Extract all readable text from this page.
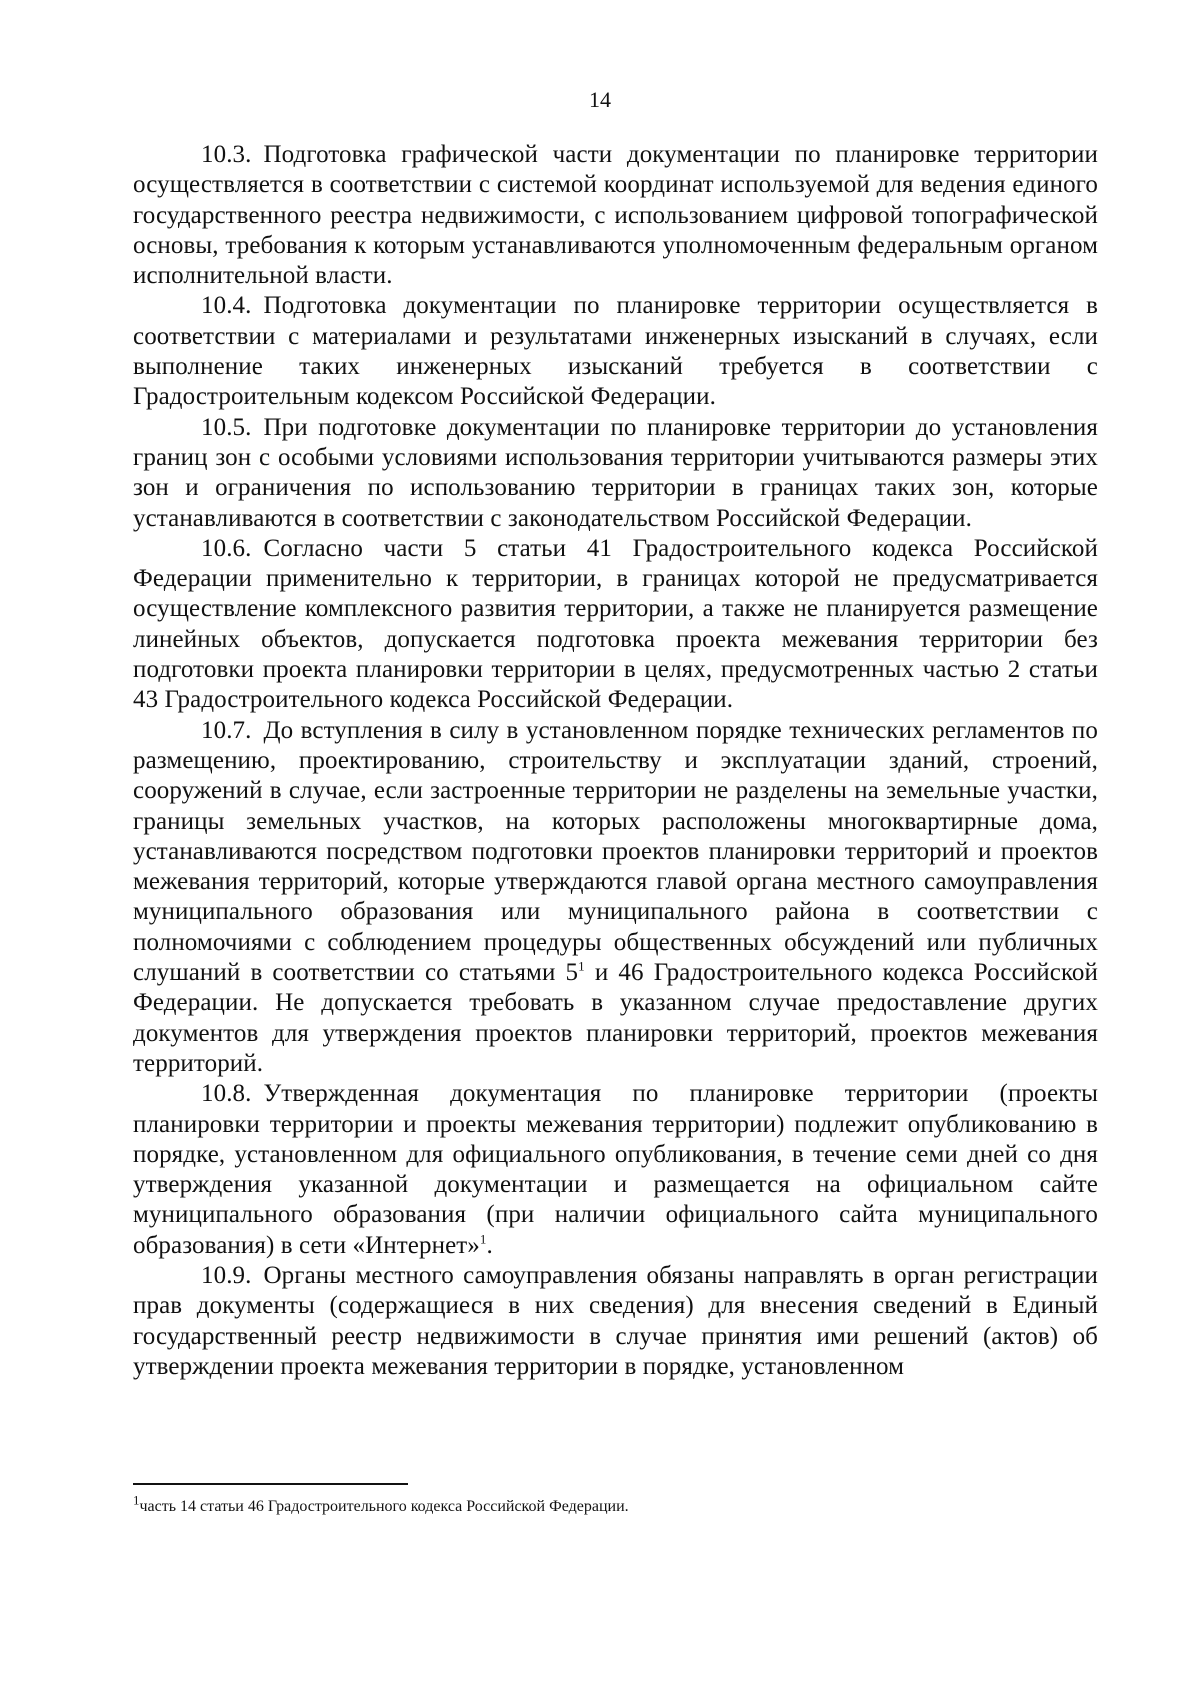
14

10.3. Подготовка графической части документации по планировке территории осуществляется в соответствии с системой координат используемой для ведения единого государственного реестра недвижимости, с использованием цифровой топографической основы, требования к которым устанавливаются уполномоченным федеральным органом исполнительной власти.

10.4. Подготовка документации по планировке территории осуществляется в соответствии с материалами и результатами инженерных изысканий в случаях, если выполнение таких инженерных изысканий требуется в соответствии с Градостроительным кодексом Российской Федерации.

10.5. При подготовке документации по планировке территории до установления границ зон с особыми условиями использования территории учитываются размеры этих зон и ограничения по использованию территории в границах таких зон, которые устанавливаются в соответствии с законодательством Российской Федерации.

10.6. Согласно части 5 статьи 41 Градостроительного кодекса Российской Федерации применительно к территории, в границах которой не предусматривается осуществление комплексного развития территории, а также не планируется размещение линейных объектов, допускается подготовка проекта межевания территории без подготовки проекта планировки территории в целях, предусмотренных частью 2 статьи 43 Градостроительного кодекса Российской Федерации.

10.7. До вступления в силу в установленном порядке технических регламентов по размещению, проектированию, строительству и эксплуатации зданий, строений, сооружений в случае, если застроенные территории не разделены на земельные участки, границы земельных участков, на которых расположены многоквартирные дома, устанавливаются посредством подготовки проектов планировки территорий и проектов межевания территорий, которые утверждаются главой органа местного самоуправления муниципального образования или муниципального района в соответствии с полномочиями с соблюдением процедуры общественных обсуждений или публичных слушаний в соответствии со статьями $5^1$ и 46 Градостроительного кодекса Российской Федерации. Не допускается требовать в указанном случае предоставление других документов для утверждения проектов планировки территорий, проектов межевания территорий.

10.8. Утвержденная документация по планировке территории (проекты планировки территории и проекты межевания территории) подлежит опубликованию в порядке, установленном для официального опубликования, в течение семи дней со дня утверждения указанной документации и размещается на официальном сайте муниципального образования (при наличии официального сайта муниципального образования) в сети «Интернет»$^1$.

10.9. Органы местного самоуправления обязаны направлять в орган регистрации прав документы (содержащиеся в них сведения) для внесения сведений в Единый государственный реестр недвижимости в случае принятия ими решений (актов) об утверждении проекта межевания территории в порядке, установленном

$^1$часть 14 статьи 46 Градостроительного кодекса Российской Федерации.
